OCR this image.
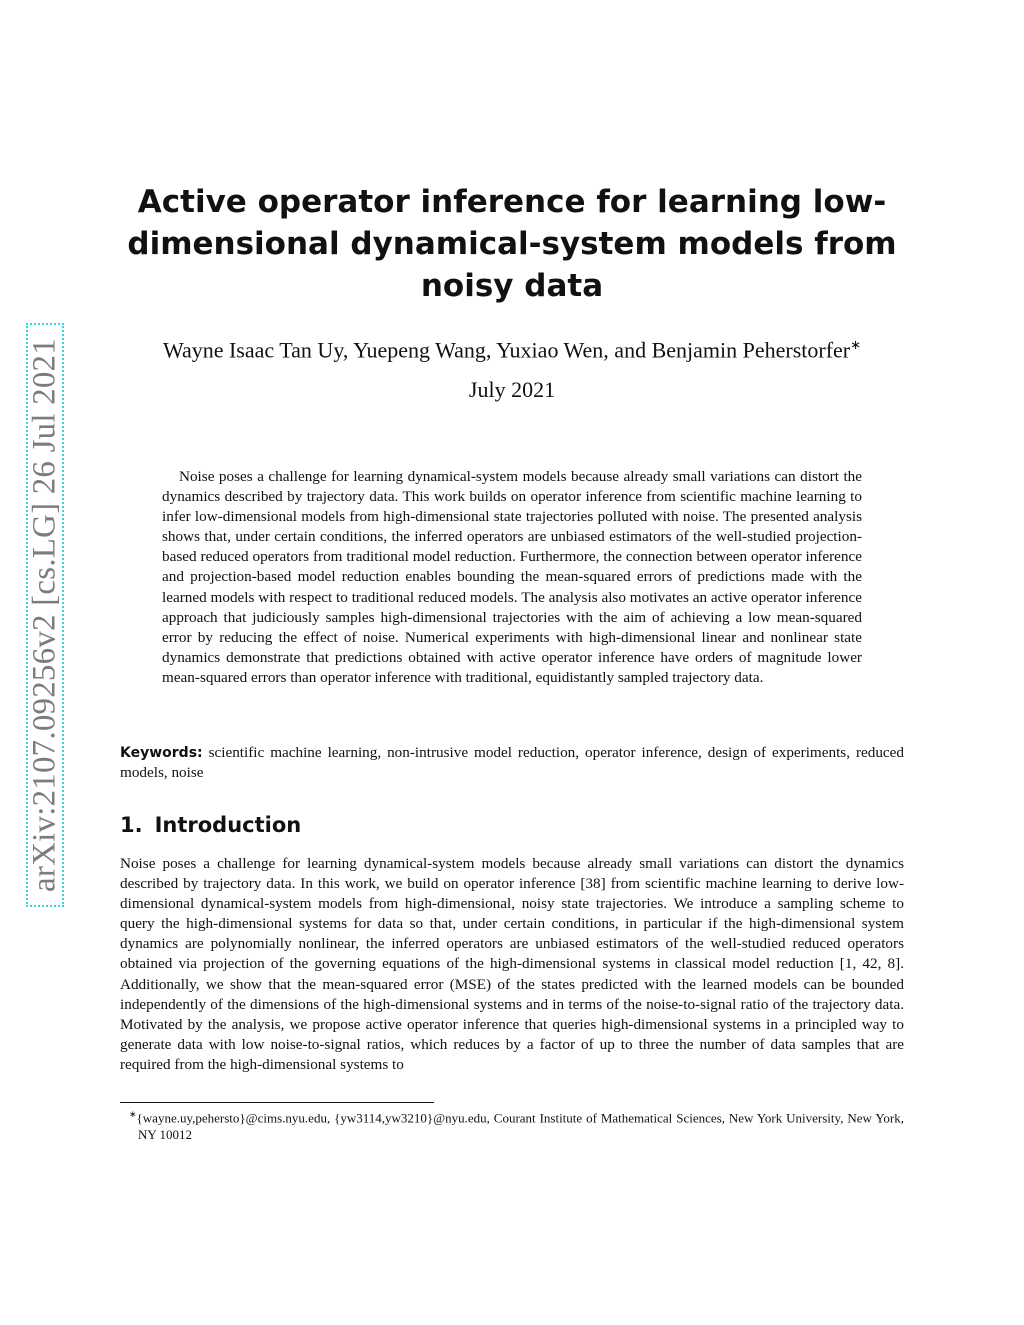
arXiv:2107.09256v2 [cs.LG] 26 Jul 2021
Active operator inference for learning low-dimensional dynamical-system models from noisy data
Wayne Isaac Tan Uy, Yuepeng Wang, Yuxiao Wen, and Benjamin Peherstorfer∗
July 2021

Noise poses a challenge for learning dynamical-system models because already small variations can distort the dynamics described by trajectory data. This work builds on operator inference from scientific machine learning to infer low-dimensional models from high-dimensional state trajectories polluted with noise. The presented analysis shows that, under certain conditions, the inferred operators are unbiased estimators of the well-studied projection-based reduced operators from traditional model reduction. Furthermore, the connection between operator inference and projection-based model reduction enables bounding the mean-squared errors of predictions made with the learned models with respect to traditional reduced models. The analysis also motivates an active operator inference approach that judiciously samples high-dimensional trajectories with the aim of achieving a low mean-squared error by reducing the effect of noise. Numerical experiments with high-dimensional linear and nonlinear state dynamics demonstrate that predictions obtained with active operator inference have orders of magnitude lower mean-squared errors than operator inference with traditional, equidistantly sampled trajectory data.

Keywords: scientific machine learning, non-intrusive model reduction, operator inference, design of experiments, reduced models, noise

1. Introduction

Noise poses a challenge for learning dynamical-system models because already small variations can distort the dynamics described by trajectory data. In this work, we build on operator inference [38] from scientific machine learning to derive low-dimensional dynamical-system models from high-dimensional, noisy state trajectories. We introduce a sampling scheme to query the high-dimensional systems for data so that, under certain conditions, in particular if the high-dimensional system dynamics are polynomially nonlinear, the inferred operators are unbiased estimators of the well-studied reduced operators obtained via projection of the governing equations of the high-dimensional systems in classical model reduction [1, 42, 8]. Additionally, we show that the mean-squared error (MSE) of the states predicted with the learned models can be bounded independently of the dimensions of the high-dimensional systems and in terms of the noise-to-signal ratio of the trajectory data. Motivated by the analysis, we propose active operator inference that queries high-dimensional systems in a principled way to generate data with low noise-to-signal ratios, which reduces by a factor of up to three the number of data samples that are required from the high-dimensional systems to

∗{wayne.uy,pehersto}@cims.nyu.edu, {yw3114,yw3210}@nyu.edu, Courant Institute of Mathematical Sciences, New York University, New York, NY 10012
